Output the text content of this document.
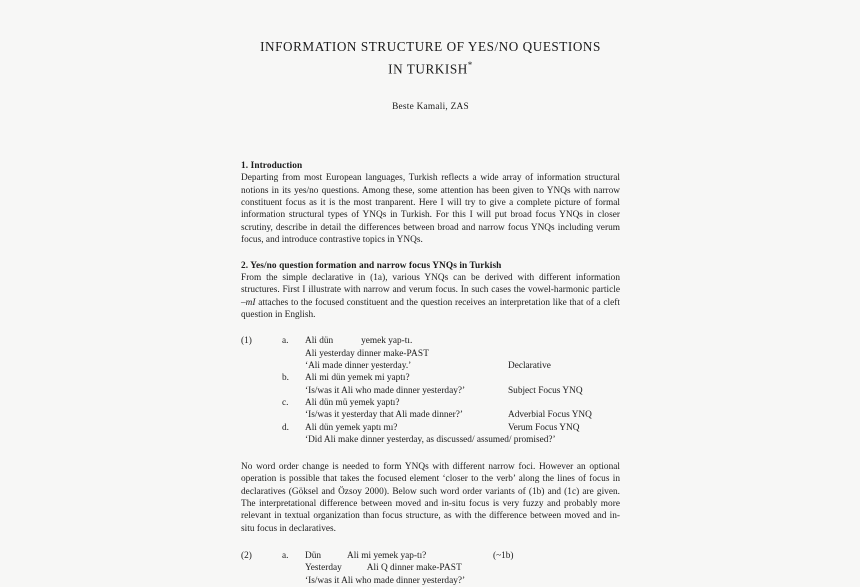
INFORMATION STRUCTURE OF YES/NO QUESTIONS
IN TURKISH*
Beste Kamali, ZAS
1. Introduction

Departing from most European languages, Turkish reflects a wide array of information structural notions in its yes/no questions. Among these, some attention has been given to YNQs with narrow constituent focus as it is the most tranparent. Here I will try to give a complete picture of formal information structural types of YNQs in Turkish. For this I will put broad focus YNQs in closer scrutiny, describe in detail the differences between broad and narrow focus YNQs including verum focus, and introduce contrastive topics in YNQs.

2. Yes/no question formation and narrow focus YNQs in Turkish

From the simple declarative in (1a), various YNQs can be derived with different information structures. First I illustrate with narrow and verum focus. In such cases the vowel-harmonic particle –mI attaches to the focused constituent and the question receives an interpretation like that of a cleft question in English.

(1)	a.	Ali dün	yemek yap-tı.
Ali yesterday dinner make-PAST
‘Ali made dinner yesterday.’	Declarative
b.	Ali mi dün yemek mi yaptı?
‘Is/was it Ali who made dinner yesterday?’	Subject Focus YNQ
c.	Ali dün mü yemek yaptı?
‘Is/was it yesterday that Ali made dinner?’	Adverbial Focus YNQ
d.	Ali dün yemek yaptı mı?	Verum Focus YNQ
‘Did Ali make dinner yesterday, as discussed/ assumed/ promised?’

No word order change is needed to form YNQs with different narrow foci. However an optional operation is possible that takes the focused element ‘closer to the verb’ along the lines of focus in declaratives (Göksel and Özsoy 2000). Below such word order variants of (1b) and (1c) are given. The interpretational difference between moved and in-situ focus is very fuzzy and probably more relevant in textual organization than focus structure, as with the difference between moved and in-situ focus in declaratives.

(2)	a.	Dün	Ali mi yemek yap-tı?	(~1b)
Yesterday	Ali Q dinner make-PAST
‘Is/was it Ali who made dinner yesterday?’
